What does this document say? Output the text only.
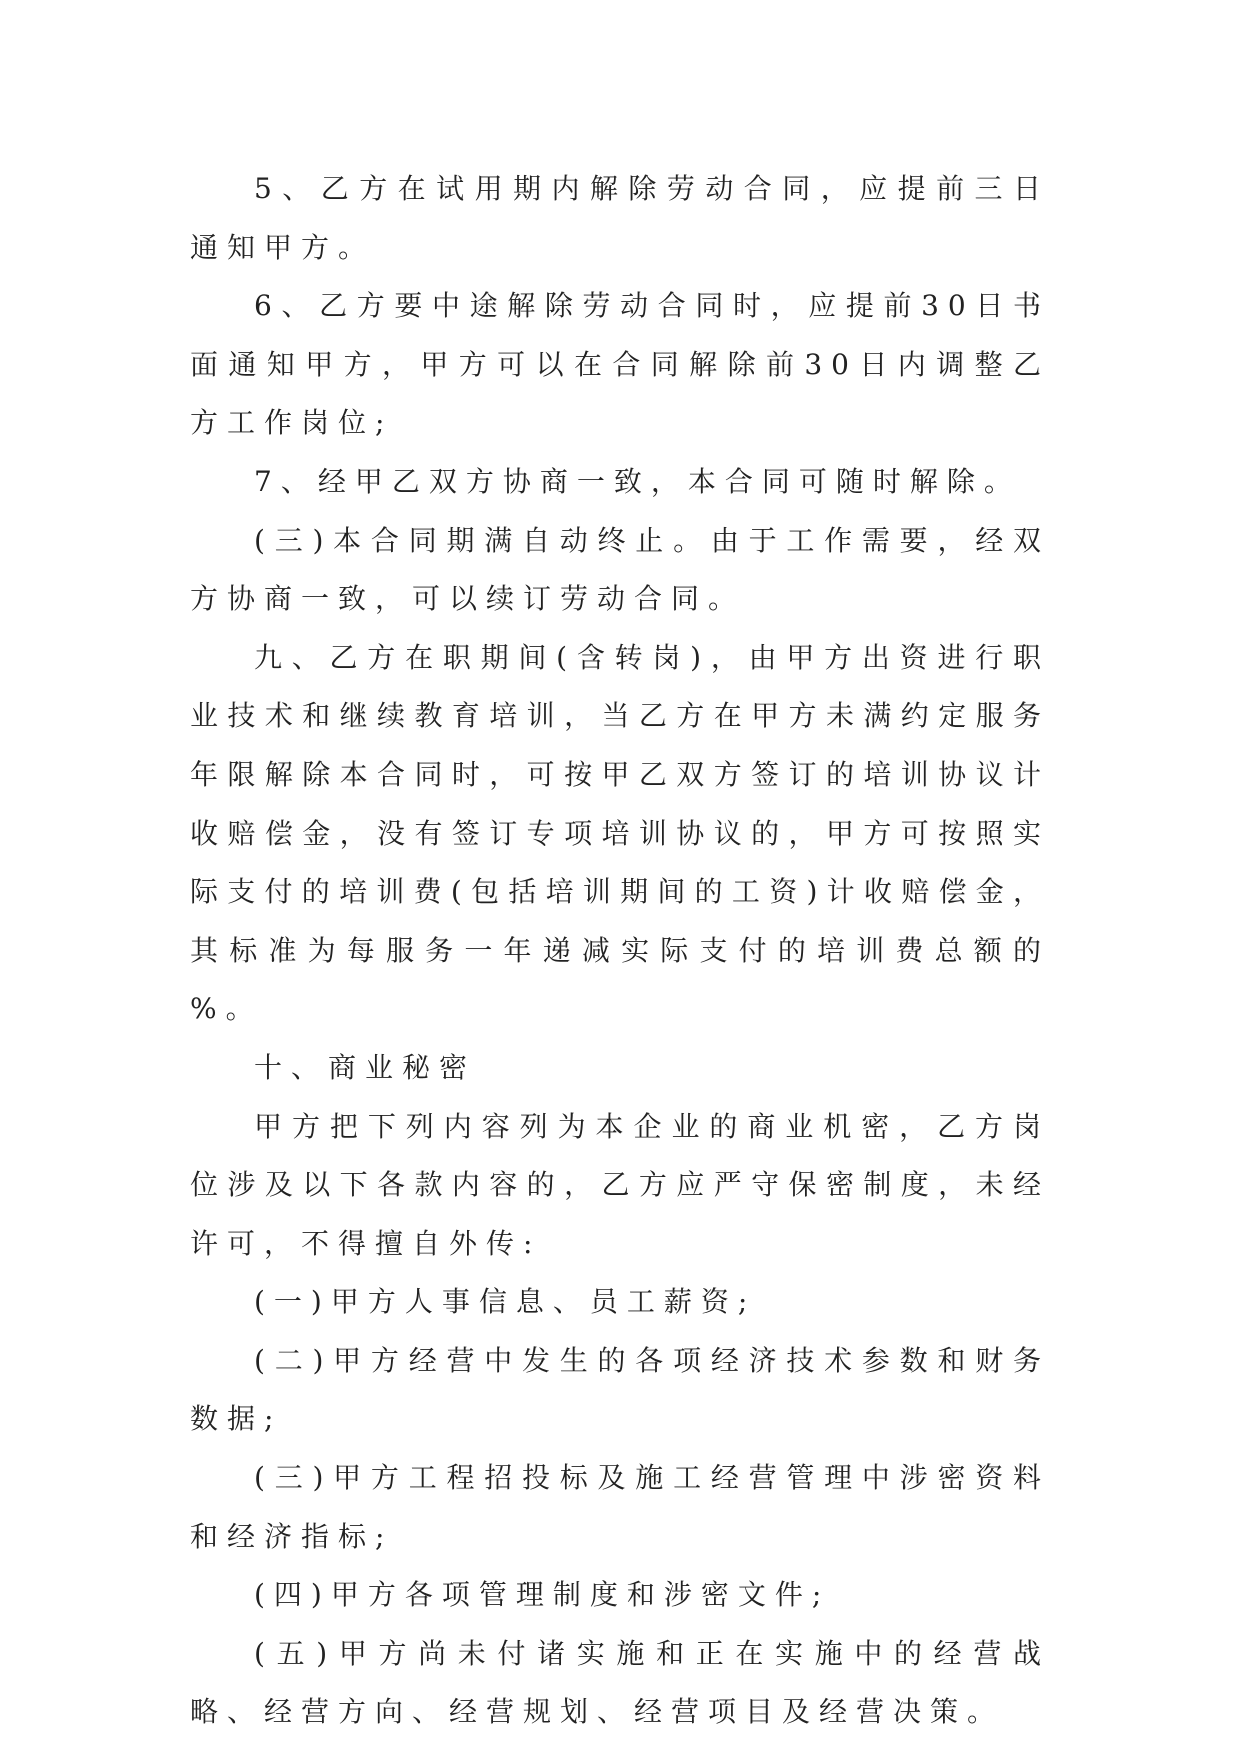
5、乙方在试用期内解除劳动合同，应提前三日通知甲方。

6、乙方要中途解除劳动合同时，应提前30日书面通知甲方，甲方可以在合同解除前30日内调整乙方工作岗位;

7、经甲乙双方协商一致，本合同可随时解除。

(三)本合同期满自动终止。由于工作需要，经双方协商一致，可以续订劳动合同。

九、乙方在职期间(含转岗)，由甲方出资进行职业技术和继续教育培训，当乙方在甲方未满约定服务年限解除本合同时，可按甲乙双方签订的培训协议计收赔偿金，没有签订专项培训协议的，甲方可按照实际支付的培训费(包括培训期间的工资)计收赔偿金，其标准为每服务一年递减实际支付的培训费总额的 %。

十、商业秘密

甲方把下列内容列为本企业的商业机密，乙方岗位涉及以下各款内容的，乙方应严守保密制度，未经许可，不得擅自外传:

(一)甲方人事信息、员工薪资;

(二)甲方经营中发生的各项经济技术参数和财务数据;

(三)甲方工程招投标及施工经营管理中涉密资料和经济指标;

(四)甲方各项管理制度和涉密文件;

(五)甲方尚未付诸实施和正在实施中的经营战略、经营方向、经营规划、经营项目及经营决策。
